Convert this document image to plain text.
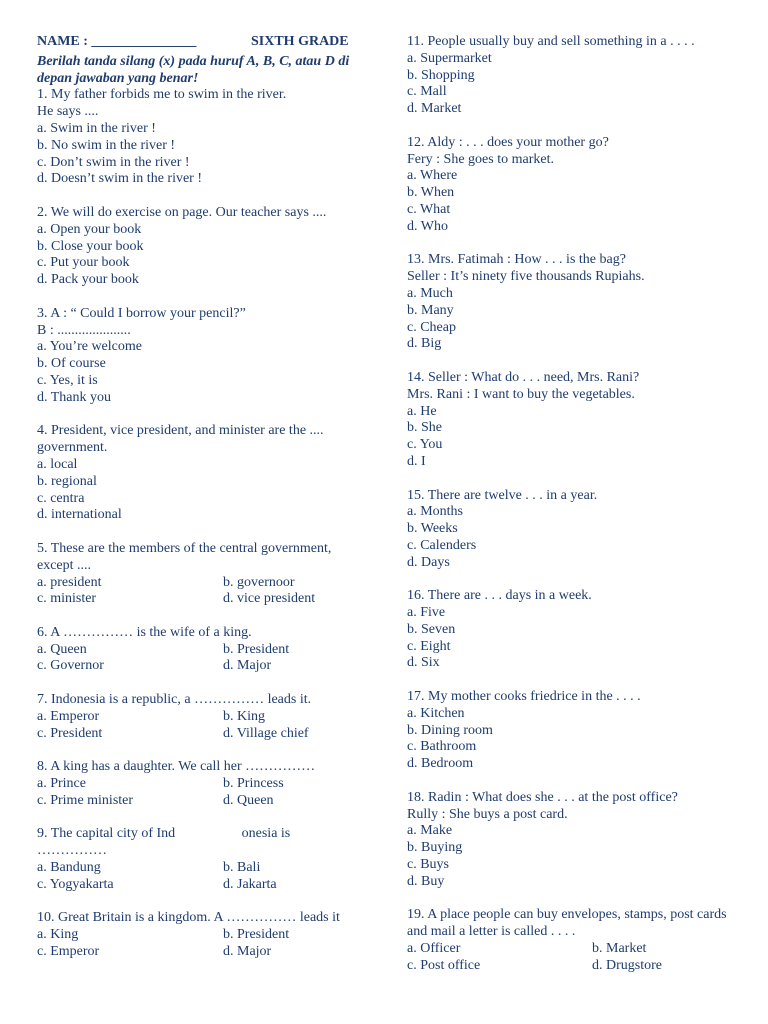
NAME : _______________	SIXTH GRADE
Berilah tanda silang (x) pada huruf A, B, C, atau D di depan jawaban yang benar!
1. My father forbids me to swim in the river.
He says ....
a. Swim in the river !
b. No swim in the river !
c. Don’t swim in the river !
d. Doesn’t swim in the river !
2. We will do exercise on page. Our teacher says ....
a. Open your book
b. Close your book
c. Put your book
d. Pack your book
3. A : “ Could I borrow your pencil?”
B : .....................
a. You’re welcome
b. Of course
c. Yes, it is
d. Thank you
4. President, vice president, and minister are the .... government.
a. local
b. regional
c. centra
d. international
5. These are the members of the central government, except ....
a. president	b. governoor
c. minister	d. vice president
6. A …………… is the wife of a king.
a. Queen	b. President
c. Governor	d. Major
7. Indonesia is a republic, a …………… leads it.
a. Emperor	b. King
c. President	d. Village chief
8. A king has a daughter. We call her ……………
a. Prince	b. Princess
c. Prime minister	d. Queen
9. The capital city of Ind                   onesia is
……………
a. Bandung	b. Bali
c. Yogyakarta	d. Jakarta
10. Great Britain is a kingdom. A …………… leads it
a. King	b. President
c. Emperor	d. Major
11. People usually buy and sell something in a . . . .
a. Supermarket
b. Shopping
c. Mall
d. Market
12. Aldy : . . . does your mother go?
Fery : She goes to market.
a. Where
b. When
c. What
d. Who
13. Mrs. Fatimah : How . . . is the bag?
Seller : It’s ninety five thousands Rupiahs.
a. Much
b. Many
c. Cheap
d. Big
14. Seller : What do . . . need, Mrs. Rani?
Mrs. Rani : I want to buy the vegetables.
a. He
b. She
c. You
d. I
15. There are twelve . . . in a year.
a. Months
b. Weeks
c. Calenders
d. Days
16. There are . . . days in a week.
a. Five
b. Seven
c. Eight
d. Six
17. My mother cooks friedrice in the . . . .
a. Kitchen
b. Dining room
c. Bathroom
d. Bedroom
18. Radin : What does she . . . at the post office?
Rully : She buys a post card.
a. Make
b. Buying
c. Buys
d. Buy
19. A place people can buy envelopes, stamps, post cards and mail a letter is called . . . .
a. Officer	b. Market
c. Post office	d. Drugstore
